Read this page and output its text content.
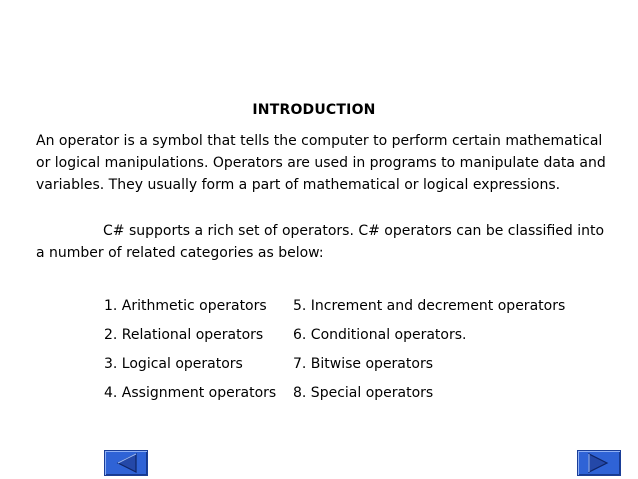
INTRODUCTION

An operator is a symbol that tells the computer to perform certain mathematical or logical manipulations. Operators are used in programs to manipulate data and variables. They usually form a part of mathematical or logical expressions.

C# supports a rich set of operators. C# operators can be classified into a number of related categories as below:

1. Arithmetic operators
2. Relational operators
3. Logical operators
4. Assignment operators
5. Increment and decrement operators
6. Conditional operators.
7. Bitwise operators
8. Special operators
